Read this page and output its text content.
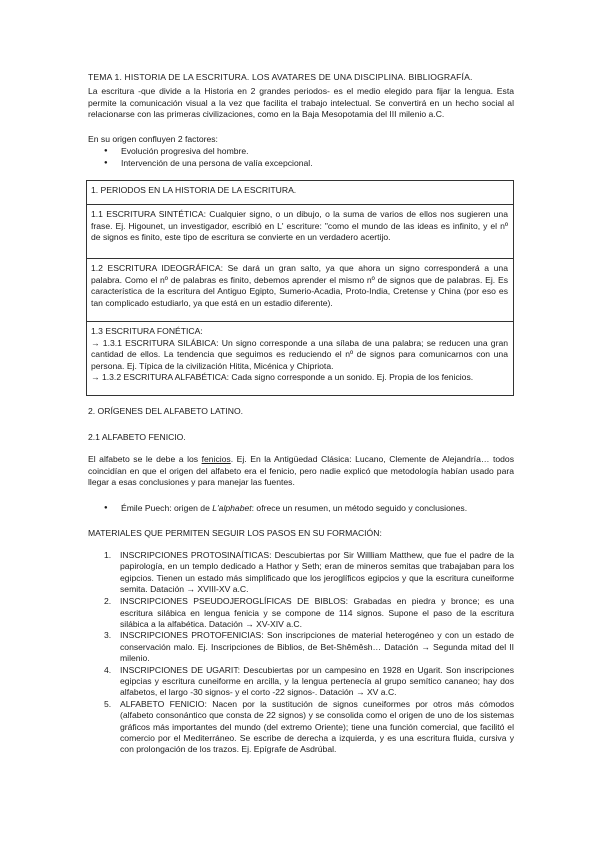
TEMA 1. HISTORIA DE LA ESCRITURA. LOS AVATARES DE UNA DISCIPLINA. BIBLIOGRAFÍA.

La escritura -que divide a la Historia en 2 grandes periodos- es el medio elegido para fijar la lengua. Esta permite la comunicación visual a la vez que facilita el trabajo intelectual. Se convertirá en un hecho social al relacionarse con las primeras civilizaciones, como en la Baja Mesopotamia del III milenio a.C.

En su origen confluyen 2 factores:

● Evolución progresiva del hombre.
● Intervención de una persona de valía excepcional.
1. PERIODOS EN LA HISTORIA DE LA ESCRITURA.
1.1 ESCRITURA SINTÉTICA: Cualquier signo, o un dibujo, o la suma de varios de ellos nos sugieren una frase. Ej. Higounet, un investigador, escribió en L' escriture: "como el mundo de las ideas es infinito, y el nº de signos es finito, este tipo de escritura se convierte en un verdadero acertijo.
1.2 ESCRITURA IDEOGRÁFICA: Se dará un gran salto, ya que ahora un signo corresponderá a una palabra. Como el nº de palabras es finito, debemos aprender el mismo nº de signos que de palabras. Ej. Es característica de la escritura del Antiguo Egipto, Sumerio-Acadia, Proto-India, Cretense y China (por eso es tan complicado estudiarlo, ya que está en un estadio diferente).

1.3 ESCRITURA FONÉTICA:
→ 1.3.1 ESCRITURA SILÁBICA: Un signo corresponde a una sílaba de una palabra; se reducen una gran cantidad de ellos. La tendencia que seguimos es reduciendo el nº de signos para comunicarnos con una persona. Ej. Típica de la civilización Hitita, Micénica y Chipriota.
→ 1.3.2 ESCRITURA ALFABÉTICA: Cada signo corresponde a un sonido. Ej. Propia de los fenicios.

2. ORÍGENES DEL ALFABETO LATINO.

2.1 ALFABETO FENICIO.

El alfabeto se le debe a los fenicios. Ej. En la Antigüedad Clásica: Lucano, Clemente de Alejandría… todos coincidían en que el origen del alfabeto era el fenicio, pero nadie explicó que metodología habían usado para llegar a esas conclusiones y para manejar las fuentes.

● Émile Puech: origen de L'alphabet: ofrece un resumen, un método seguido y conclusiones.

MATERIALES QUE PERMITEN SEGUIR LOS PASOS EN SU FORMACIÓN:

1. INSCRIPCIONES PROTOSINAÍTICAS: Descubiertas por Sir Willliam Matthew, que fue el padre de la papirología, en un templo dedicado a Hathor y Seth; eran de mineros semitas que trabajaban para los egipcios. Tienen un estado más simplificado que los jeroglíficos egipcios y que la escritura cuneiforme semita. Datación → XVIII-XV a.C.
2. INSCRIPCIONES PSEUDOJEROGLÍFICAS DE BIBLOS: Grabadas en piedra y bronce; es una escritura silábica en lengua fenicia y se compone de 114 signos. Supone el paso de la escritura silábica a la alfabética. Datación → XV-XIV a.C.
3. INSCRIPCIONES PROTOFENICIAS: Son inscripciones de material heterogéneo y con un estado de conservación malo. Ej. Inscripciones de Biblios, de Bet-Shêmêsh… Datación → Segunda mitad del II milenio.
4. INSCRIPCIONES DE UGARIT: Descubiertas por un campesino en 1928 en Ugarit. Son inscripciones egipcias y escritura cuneiforme en arcilla, y la lengua pertenecía al grupo semítico cananeo; hay dos alfabetos, el largo -30 signos- y el corto -22 signos-. Datación → XV a.C.
5. ALFABETO FENICIO: Nacen por la sustitución de signos cuneiformes por otros más cómodos (alfabeto consonántico que consta de 22 signos) y se consolida como el origen de uno de los sistemas gráficos más importantes del mundo (del extremo Oriente); tiene una función comercial, que facilitó el comercio por el Mediterráneo. Se escribe de derecha a izquierda, y es una escritura fluida, cursiva y con prolongación de los trazos. Ej. Epígrafe de Asdrúbal.
